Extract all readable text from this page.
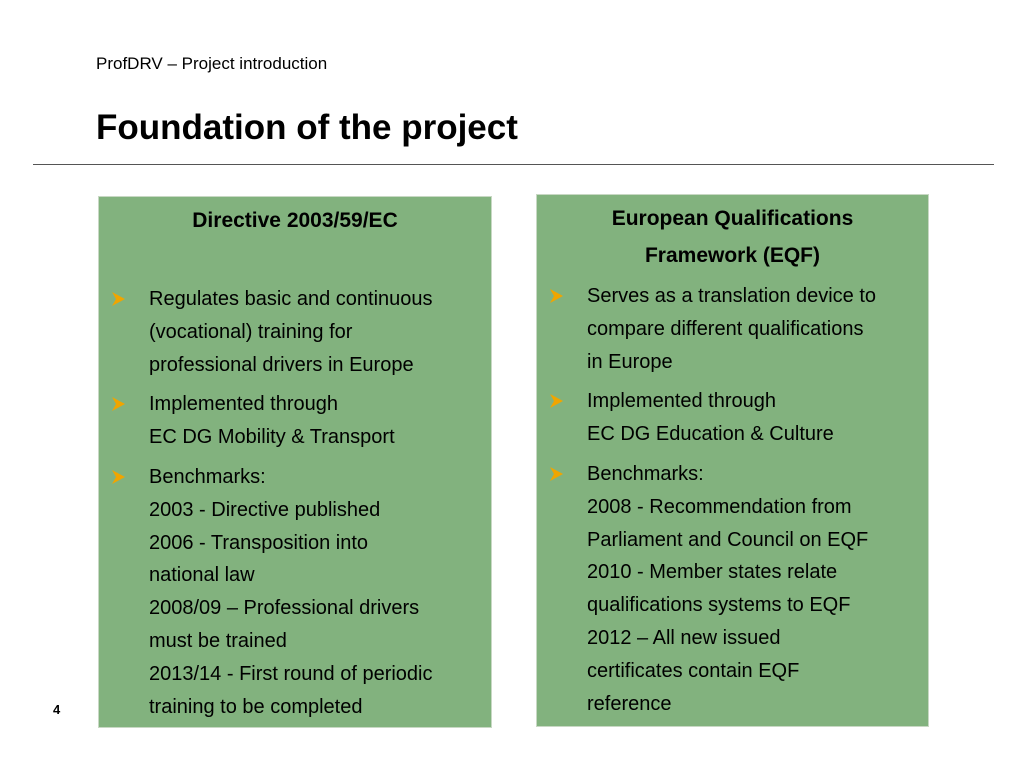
ProfDRV – Project introduction
Foundation of the project
Directive 2003/59/EC
Regulates basic and continuous
(vocational) training for
professional drivers in Europe
Implemented through
EC DG Mobility & Transport
Benchmarks:
2003 - Directive published
2006 - Transposition into
national law
2008/09 – Professional drivers
must be trained
2013/14 - First round of periodic
training to be completed
European Qualifications
Framework (EQF)
Serves as a translation device to
compare different qualifications
in Europe
Implemented through
EC DG Education & Culture
Benchmarks:
2008 - Recommendation from
Parliament and Council on EQF
2010 - Member states relate
qualifications systems to EQF
2012 – All new issued
certificates contain EQF
reference
4
